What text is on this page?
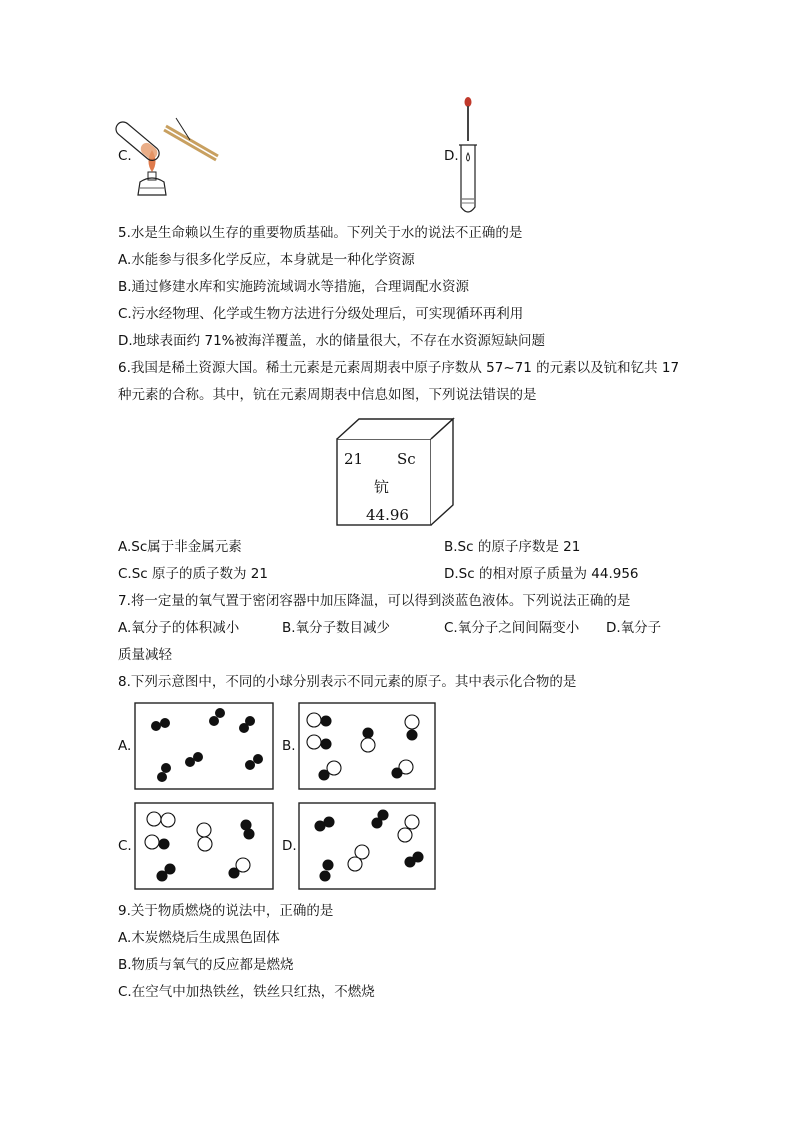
C.	D.
5.水是生命赖以生存的重要物质基础。下列关于水的说法不正确的是
A.水能参与很多化学反应，本身就是一种化学资源
B.通过修建水库和实施跨流域调水等措施，合理调配水资源
C.污水经物理、化学或生物方法进行分级处理后，可实现循环再利用
D.地球表面约 71%被海洋覆盖，水的储量很大，不存在水资源短缺问题
6.我国是稀土资源大国。稀土元素是元素周期表中原子序数从 57~71 的元素以及钪和钇共 17
种元素的合称。其中，钪在元素周期表中信息如图，下列说法错误的是
21 Sc
钪
44.96
A.Sc属于非金属元素	B.Sc 的原子序数是 21
C.Sc 原子的质子数为 21	D.Sc 的相对原子质量为 44.956
7.将一定量的氧气置于密闭容器中加压降温，可以得到淡蓝色液体。下列说法正确的是
A.氧分子的体积减小	B.氧分子数目减少	C.氧分子之间间隔变小 D.氧分子
质量减轻
8.下列示意图中，不同的小球分别表示不同元素的原子。其中表示化合物的是
A.	B.
C.	D.
9.关于物质燃烧的说法中，正确的是
A.木炭燃烧后生成黑色固体
B.物质与氧气的反应都是燃烧
C.在空气中加热铁丝，铁丝只红热，不燃烧
